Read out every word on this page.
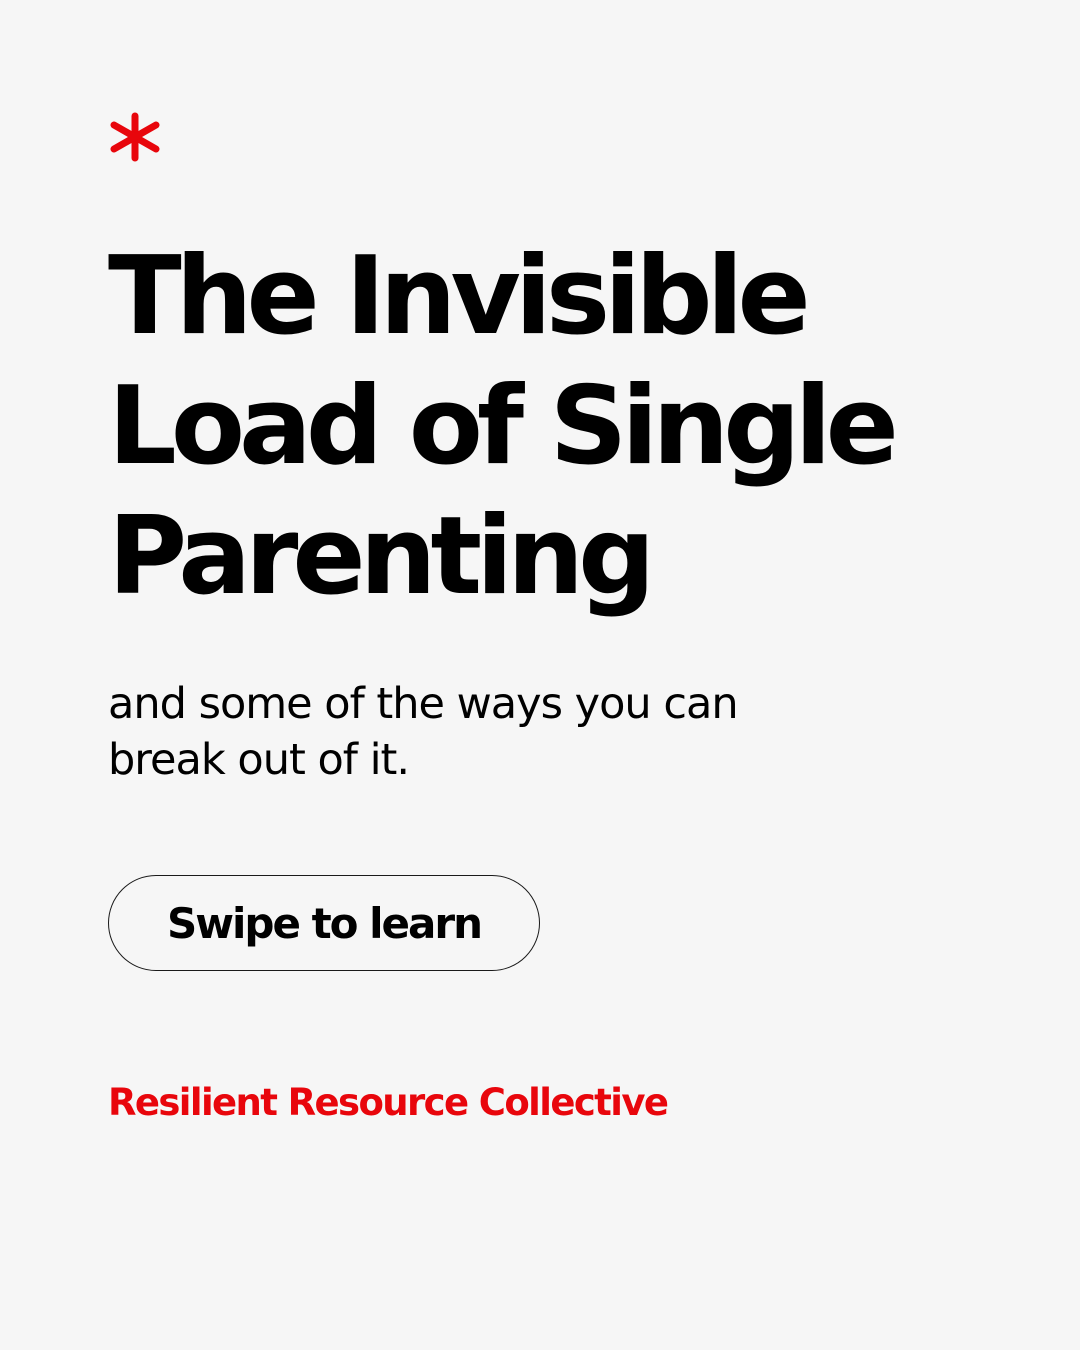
The Invisible
Load of Single
Parenting

and some of the ways you can
break out of it.

Swipe to learn

Resilient Resource Collective
